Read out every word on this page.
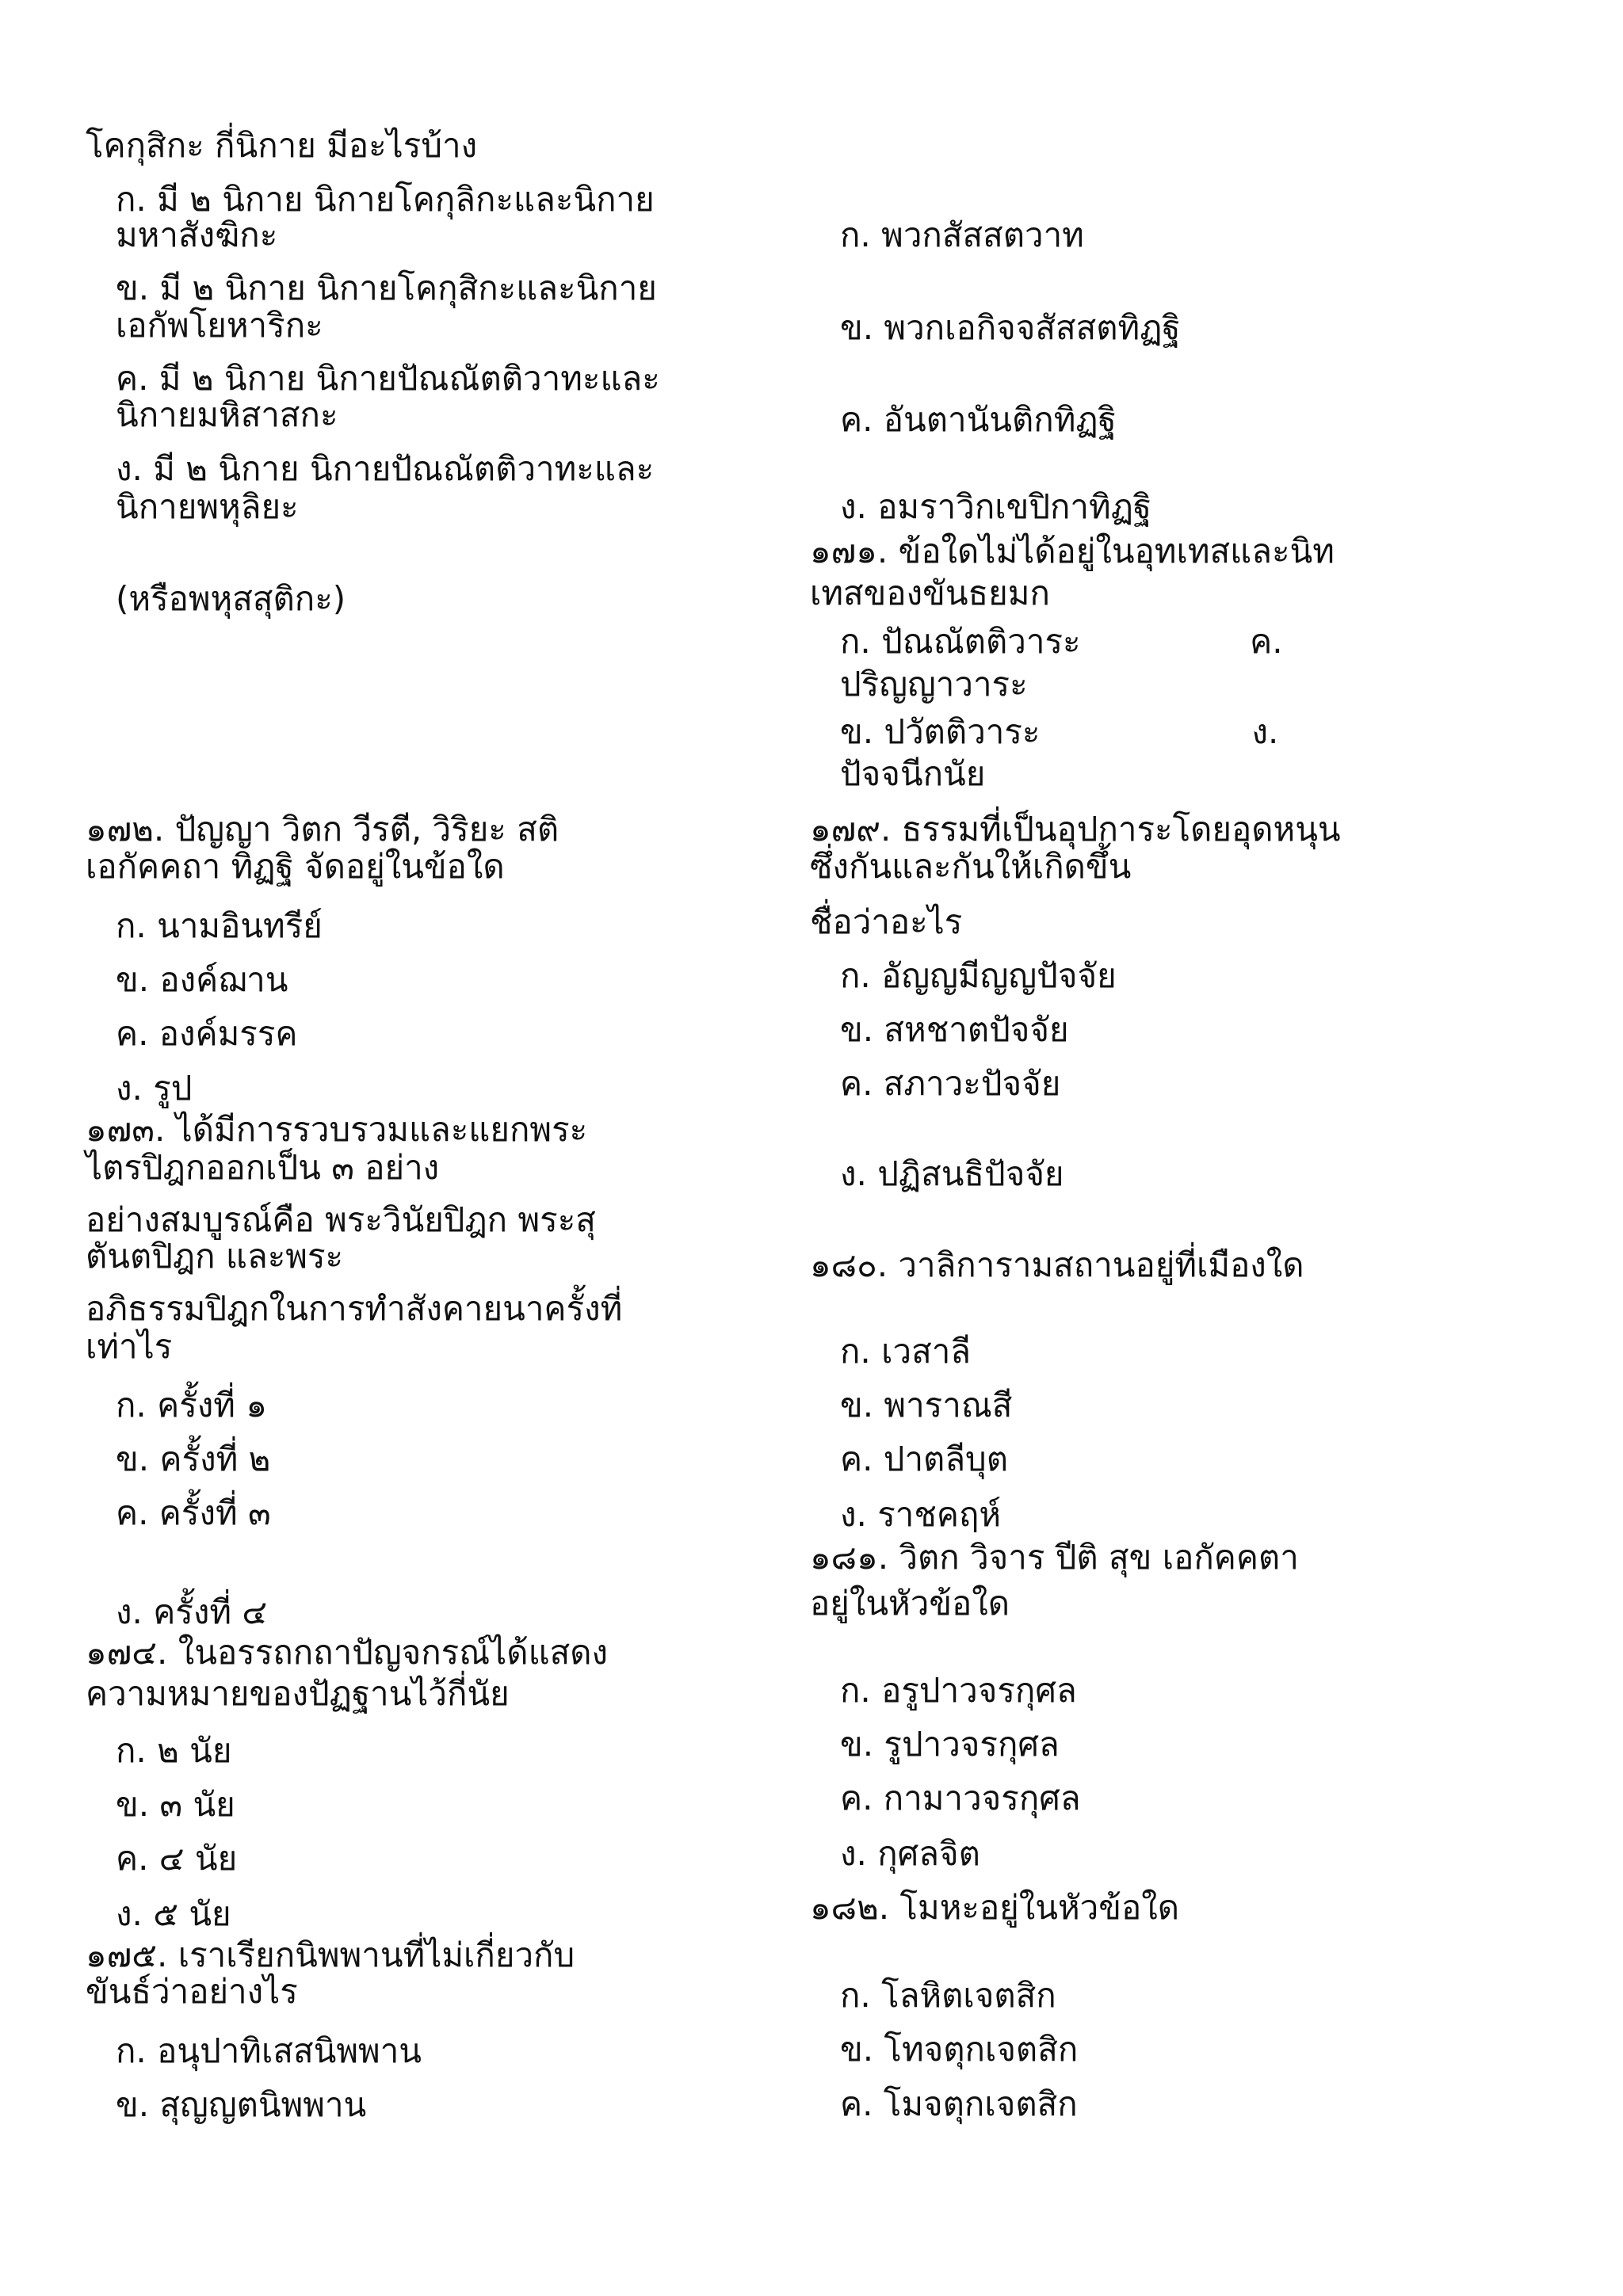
โคกุสิกะ กี่นิกาย มีอะไรบ้าง
ก. มี ๒ นิกาย นิกายโคกุลิกะและนิกาย
มหาสังฆิกะ
ข. มี ๒ นิกาย นิกายโคกุสิกะและนิกาย
เอกัพโยหาริกะ
ค. มี ๒ นิกาย นิกายปัณณัตติวาทะและ
นิกายมหิสาสกะ
ง. มี ๒ นิกาย นิกายปัณณัตติวาทะและ
นิกายพหุลิยะ
(หรือพหุสสุติกะ)
๑๗๒. ปัญญา วิตก วีรตี, วิริยะ สติ
เอกัคคถา ทิฏฐิ จัดอยู่ในข้อใด
ก. นามอินทรีย์
ข. องค์ฌาน
ค. องค์มรรค
ง. รูป
๑๗๓. ได้มีการรวบรวมและแยกพระ
ไตรปิฎกออกเป็น ๓ อย่าง
อย่างสมบูรณ์คือ พระวินัยปิฎก พระสุ
ตันตปิฎก และพระ
อภิธรรมปิฎกในการทำสังคายนาครั้งที่
เท่าไร
ก. ครั้งที่ ๑
ข. ครั้งที่ ๒
ค. ครั้งที่ ๓
ง. ครั้งที่ ๔
๑๗๔. ในอรรถกถาปัญจกรณ์ได้แสดง
ความหมายของปัฏฐานไว้กี่นัย
ก. ๒ นัย
ข. ๓ นัย
ค. ๔ นัย
ง. ๕ นัย
๑๗๕. เราเรียกนิพพานที่ไม่เกี่ยวกับ
ขันธ์ว่าอย่างไร
ก. อนุปาทิเสสนิพพาน
ข. สุญญตนิพพาน
ก. พวกสัสสตวาท
ข. พวกเอกิจจสัสสตทิฏฐิ
ค. อันตานันติกทิฏฐิ
ง. อมราวิกเขปิกาทิฏฐิ
๑๗๑. ข้อใดไม่ได้อยู่ในอุทเทสและนิท
เทสของขันธยมก
ก. ปัณณัตติวาระ                ค.
ปริญญาวาระ
ข. ปวัตติวาระ                    ง.
ปัจจนีกนัย
๑๗๙. ธรรมที่เป็นอุปการะโดยอุดหนุน
ซึ่งกันและกันให้เกิดขึ้น
ชื่อว่าอะไร
ก. อัญญมีญญปัจจัย
ข. สหชาตปัจจัย
ค. สภาวะปัจจัย
ง. ปฏิสนธิปัจจัย
๑๘๐. วาลิการามสถานอยู่ที่เมืองใด
ก. เวสาลี
ข. พาราณสี
ค. ปาตลีบุต
ง. ราชคฤห์
๑๘๑. วิตก วิจาร ปีติ สุข เอกัคคตา
อยู่ในหัวข้อใด
ก. อรูปาวจรกุศล
ข. รูปาวจรกุศล
ค. กามาวจรกุศล
ง. กุศลจิต
๑๘๒. โมหะอยู่ในหัวข้อใด
ก. โลหิตเจตสิก
ข. โทจตุกเจตสิก
ค. โมจตุกเจตสิก
